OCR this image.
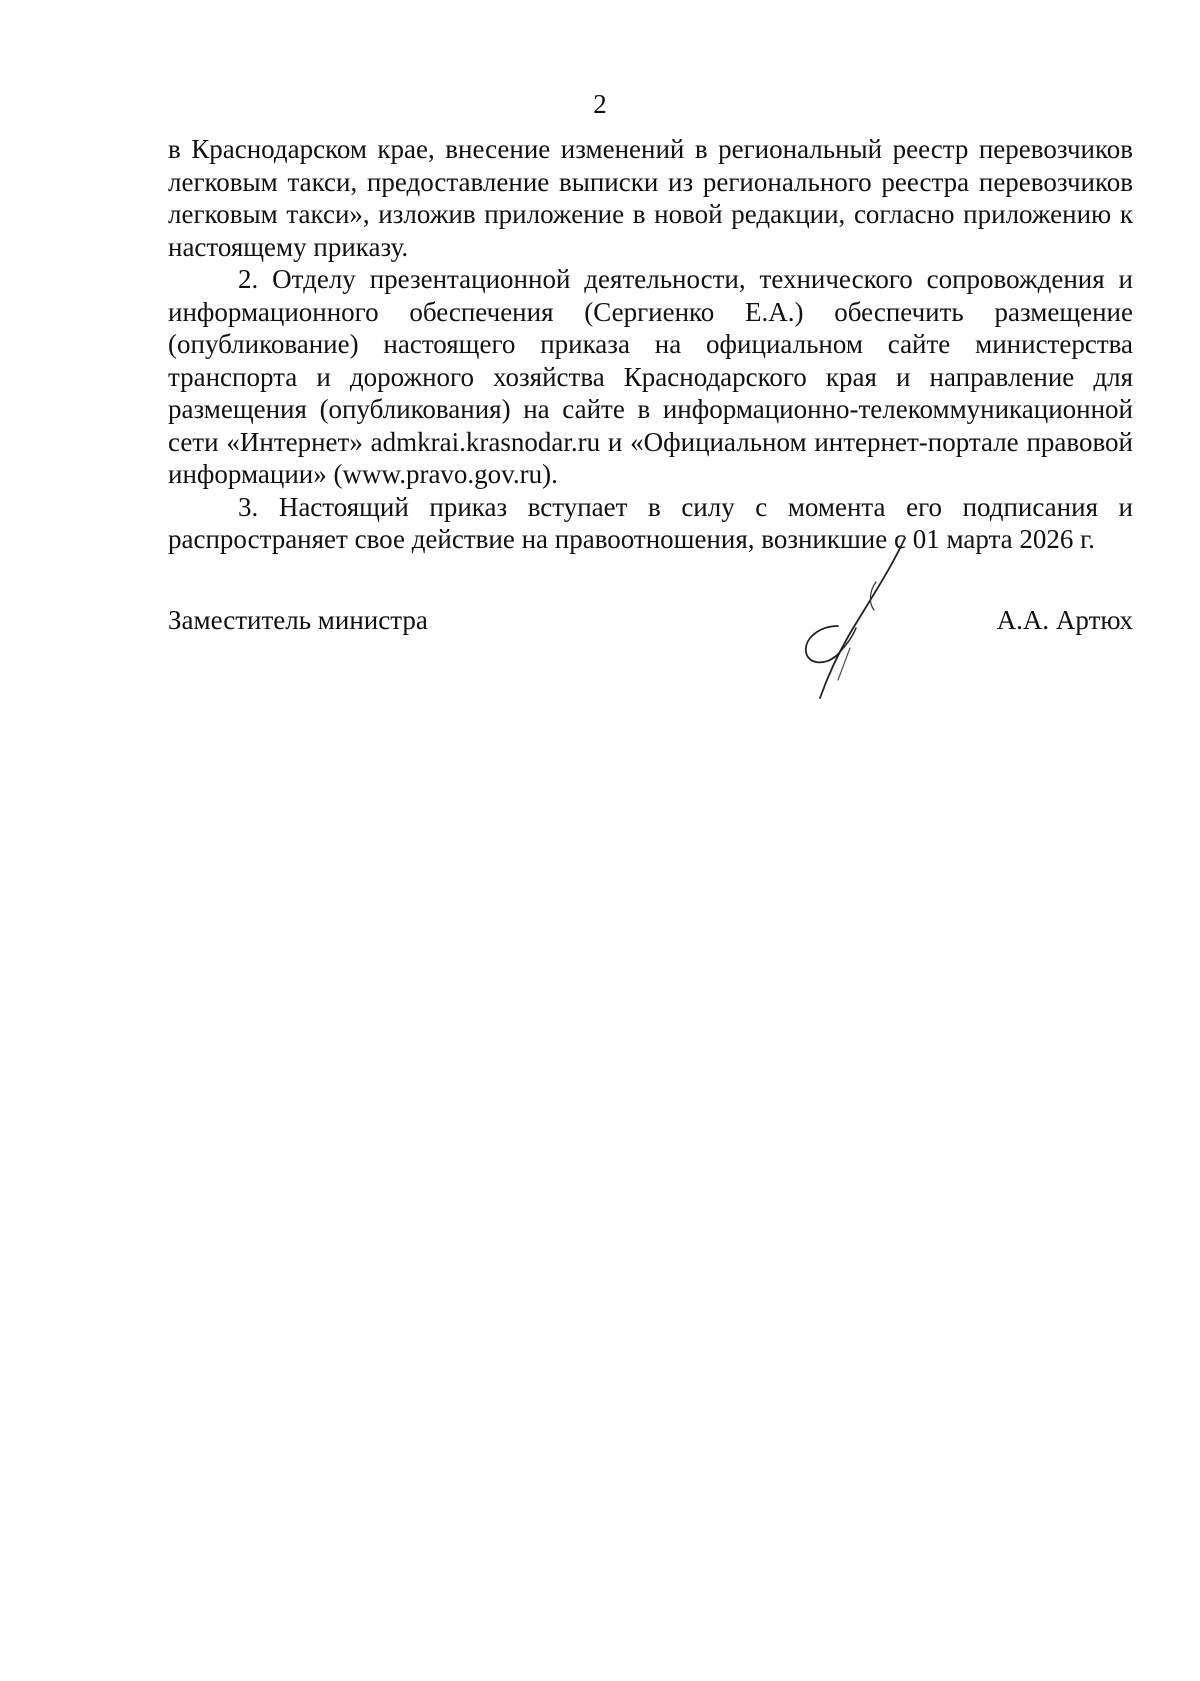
2

в Краснодарском крае, внесение изменений в региональный реестр перевозчиков легковым такси, предоставление выписки из регионального реестра перевозчиков легковым такси», изложив приложение в новой редакции, согласно приложению к настоящему приказу.

2. Отделу презентационной деятельности, технического сопровождения и информационного обеспечения (Сергиенко Е.А.) обеспечить размещение (опубликование) настоящего приказа на официальном сайте министерства транспорта и дорожного хозяйства Краснодарского края и направление для размещения (опубликования) на сайте в информационно-телекоммуникационной сети «Интернет» admkrai.krasnodar.ru и «Официальном интернет-портале правовой информации» (www.pravo.gov.ru).

3. Настоящий приказ вступает в силу с момента его подписания и распространяет свое действие на правоотношения, возникшие с 01 марта 2026 г.

Заместитель министра	А.А. Артюх
